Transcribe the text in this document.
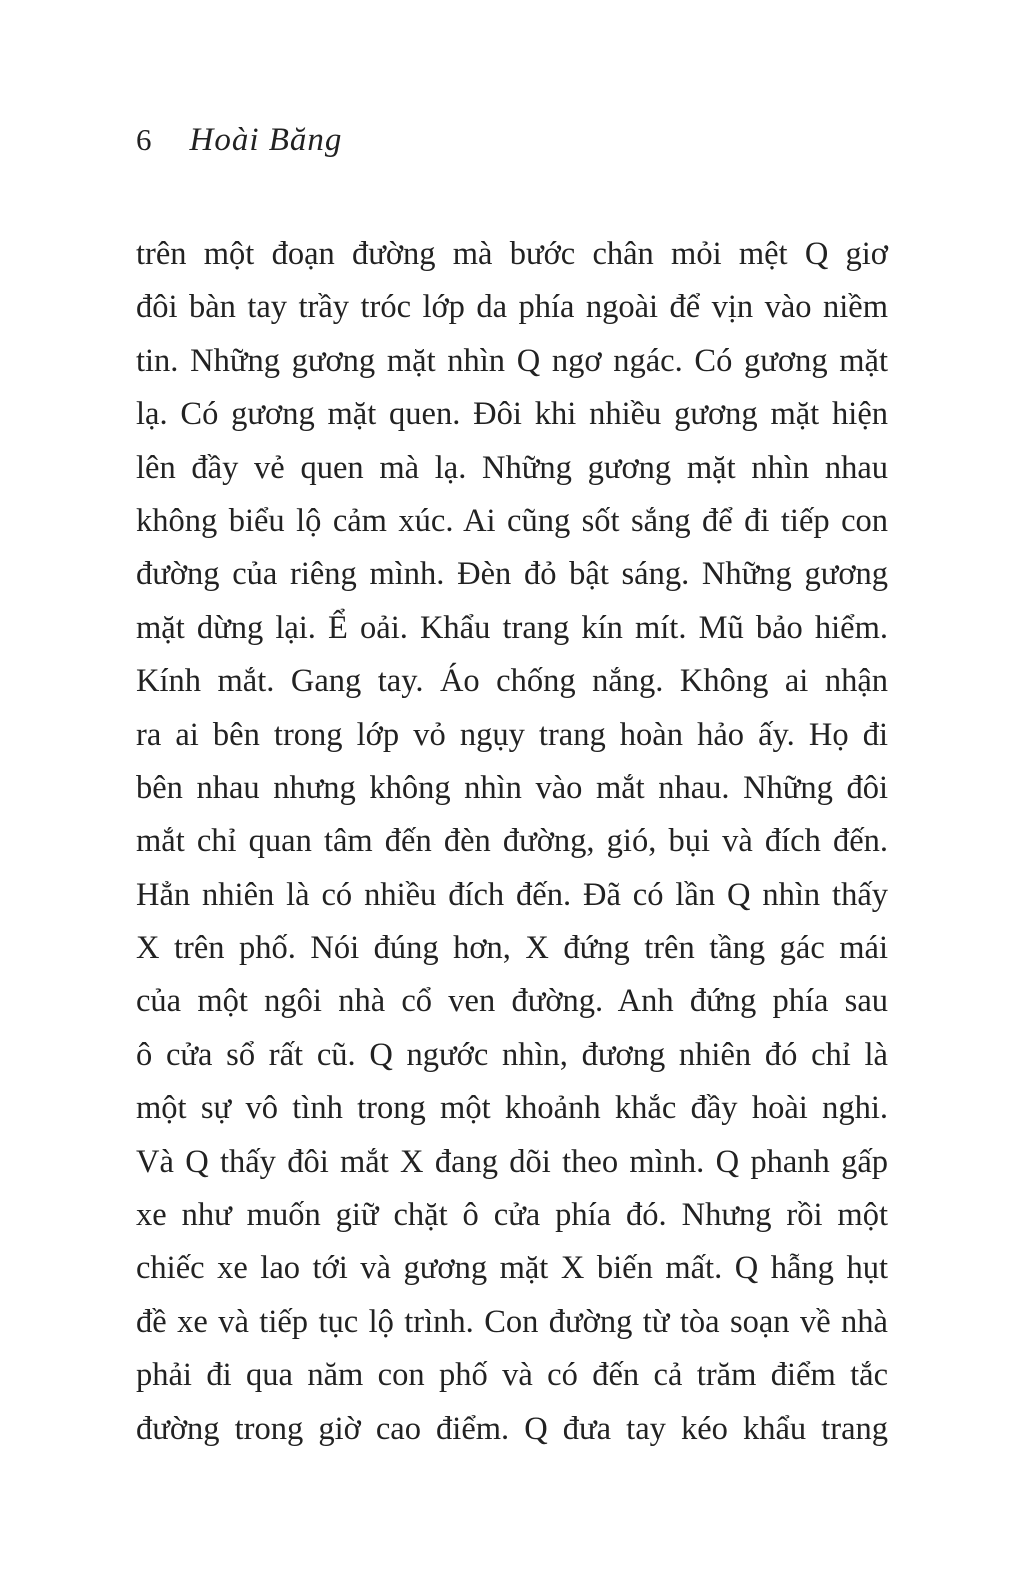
6 Hoài Băng
trên một đoạn đường mà bước chân mỏi mệt Q giơ
đôi bàn tay trầy tróc lớp da phía ngoài để vịn vào niềm
tin. Những gương mặt nhìn Q ngơ ngác. Có gương mặt
lạ. Có gương mặt quen. Đôi khi nhiều gương mặt hiện
lên đầy vẻ quen mà lạ. Những gương mặt nhìn nhau
không biểu lộ cảm xúc. Ai cũng sốt sắng để đi tiếp con
đường của riêng mình. Đèn đỏ bật sáng. Những gương
mặt dừng lại. Ể oải. Khẩu trang kín mít. Mũ bảo hiểm.
Kính mắt. Gang tay. Áo chống nắng. Không ai nhận
ra ai bên trong lớp vỏ ngụy trang hoàn hảo ấy. Họ đi
bên nhau nhưng không nhìn vào mắt nhau. Những đôi
mắt chỉ quan tâm đến đèn đường, gió, bụi và đích đến.
Hẳn nhiên là có nhiều đích đến. Đã có lần Q nhìn thấy
X trên phố. Nói đúng hơn, X đứng trên tầng gác mái
của một ngôi nhà cổ ven đường. Anh đứng phía sau
ô cửa sổ rất cũ. Q ngước nhìn, đương nhiên đó chỉ là
một sự vô tình trong một khoảnh khắc đầy hoài nghi.
Và Q thấy đôi mắt X đang dõi theo mình. Q phanh gấp
xe như muốn giữ chặt ô cửa phía đó. Nhưng rồi một
chiếc xe lao tới và gương mặt X biến mất. Q hẫng hụt
đề xe và tiếp tục lộ trình. Con đường từ tòa soạn về nhà
phải đi qua năm con phố và có đến cả trăm điểm tắc
đường trong giờ cao điểm. Q đưa tay kéo khẩu trang
